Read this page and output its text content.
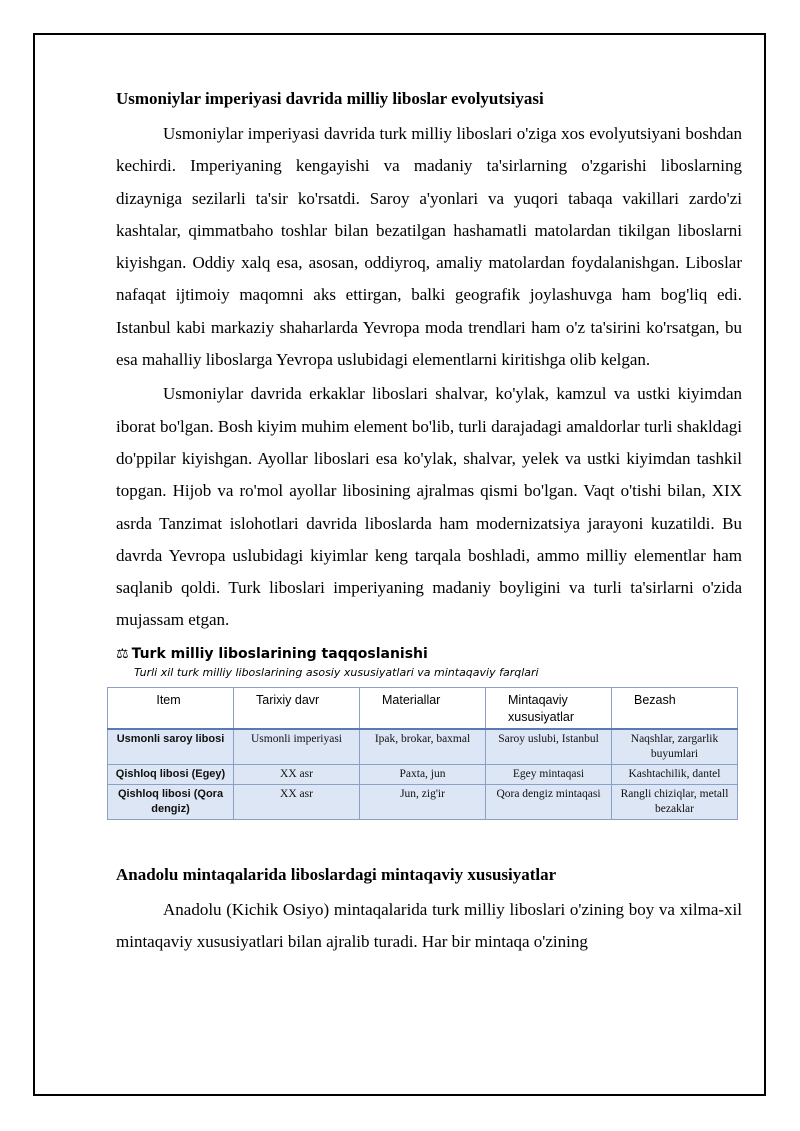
Usmoniylar imperiyasi davrida milliy liboslar evolyutsiyasi

Usmoniylar imperiyasi davrida turk milliy liboslari o'ziga xos evolyutsiyani boshdan kechirdi. Imperiyaning kengayishi va madaniy ta'sirlarning o'zgarishi liboslarning dizayniga sezilarli ta'sir ko'rsatdi. Saroy a'yonlari va yuqori tabaqa vakillari zardo'zi kashtalar, qimmatbaho toshlar bilan bezatilgan hashamatli matolardan tikilgan liboslarni kiyishgan. Oddiy xalq esa, asosan, oddiyroq, amaliy matolardan foydalanishgan. Liboslar nafaqat ijtimoiy maqomni aks ettirgan, balki geografik joylashuvga ham bog'liq edi. Istanbul kabi markaziy shaharlarda Yevropa moda trendlari ham o'z ta'sirini ko'rsatgan, bu esa mahalliy liboslarga Yevropa uslubidagi elementlarni kiritishga olib kelgan.

Usmoniylar davrida erkaklar liboslari shalvar, ko'ylak, kamzul va ustki kiyimdan iborat bo'lgan. Bosh kiyim muhim element bo'lib, turli darajadagi amaldorlar turli shakldagi do'ppilar kiyishgan. Ayollar liboslari esa ko'ylak, shalvar, yelek va ustki kiyimdan tashkil topgan. Hijob va ro'mol ayollar libosining ajralmas qismi bo'lgan. Vaqt o'tishi bilan, XIX asrda Tanzimat islohotlari davrida liboslarda ham modernizatsiya jarayoni kuzatildi. Bu davrda Yevropa uslubidagi kiyimlar keng tarqala boshladi, ammo milliy elementlar ham saqlanib qoldi. Turk liboslari imperiyaning madaniy boyligini va turli ta'sirlarni o'zida mujassam etgan.

⚖ Turk milliy liboslarining taqqoslanishi
Turli xil turk milliy liboslarining asosiy xususiyatlari va mintaqaviy farqlari
Item	Tarixiy davr	Materiallar	Mintaqaviy xususiyatlar	Bezash
Usmonli saroy libosi	Usmonli imperiyasi	Ipak, brokar, baxmal	Saroy uslubi, Istanbul	Naqshlar, zargarlik buyumlari
Qishloq libosi (Egey)	XX asr	Paxta, jun	Egey mintaqasi	Kashtachilik, dantel
Qishloq libosi (Qora dengiz)	XX asr	Jun, zig'ir	Qora dengiz mintaqasi	Rangli chiziqlar, metall bezaklar
Anadolu mintaqalarida liboslardagi mintaqaviy xususiyatlar

Anadolu (Kichik Osiyo) mintaqalarida turk milliy liboslari o'zining boy va xilma-xil mintaqaviy xususiyatlari bilan ajralib turadi. Har bir mintaqa o'zining
